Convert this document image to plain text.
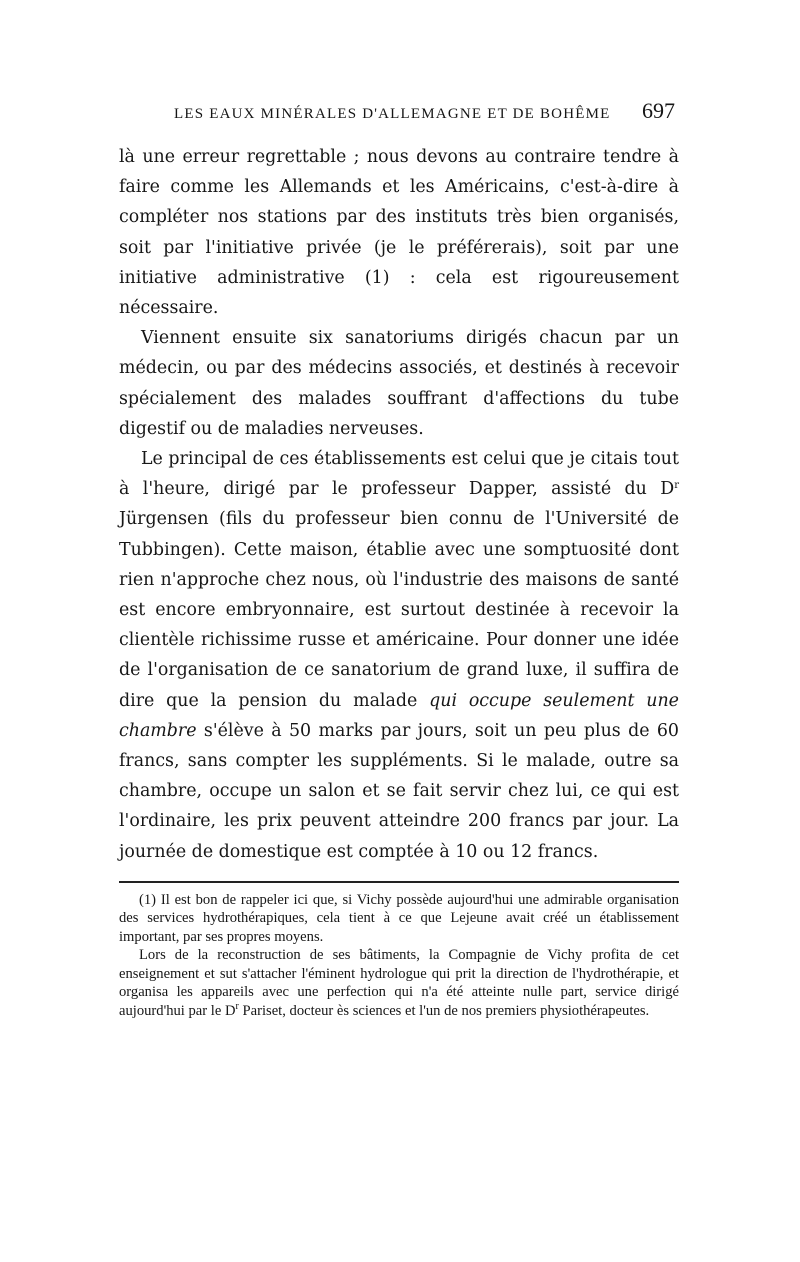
LES EAUX MINÉRALES D'ALLEMAGNE ET DE BOHÊME 697

là une erreur regrettable ; nous devons au contraire tendre à faire comme les Allemands et les Américains, c'est-à-dire à compléter nos stations par des instituts très bien organisés, soit par l'initiative privée (je le préférerais), soit par une initiative administrative (1) : cela est rigoureusement nécessaire.

Viennent ensuite six sanatoriums dirigés chacun par un médecin, ou par des médecins associés, et destinés à recevoir spécialement des malades souffrant d'affections du tube digestif ou de maladies nerveuses.

Le principal de ces établissements est celui que je citais tout à l'heure, dirigé par le professeur Dapper, assisté du $D^r$ Jürgensen (fils du professeur bien connu de l'Université de Tubbingen). Cette maison, établie avec une somptuosité dont rien n'approche chez nous, où l'industrie des maisons de santé est encore embryonnaire, est surtout destinée à recevoir la clientèle richissime russe et américaine. Pour donner une idée de l'organisation de ce sanatorium de grand luxe, il suffira de dire que la pension du malade qui occupe seulement une chambre s'élève à 50 marks par jours, soit un peu plus de 60 francs, sans compter les suppléments. Si le malade, outre sa chambre, occupe un salon et se fait servir chez lui, ce qui est l'ordinaire, les prix peuvent atteindre 200 francs par jour. La journée de domestique est comptée à 10 ou 12 francs.

(1) Il est bon de rappeler ici que, si Vichy possède aujourd'hui une admirable organisation des services hydrothérapiques, cela tient à ce que Lejeune avait créé un établissement important, par ses propres moyens.

Lors de la reconstruction de ses bâtiments, la Compagnie de Vichy profita de cet enseignement et sut s'attacher l'éminent hydrologue qui prit la direction de l'hydrothérapie, et organisa les appareils avec une perfection qui n'a été atteinte nulle part, service dirigé aujourd'hui par le $D^r$ Pariset, docteur ès sciences et l'un de nos premiers physiothérapeutes.
